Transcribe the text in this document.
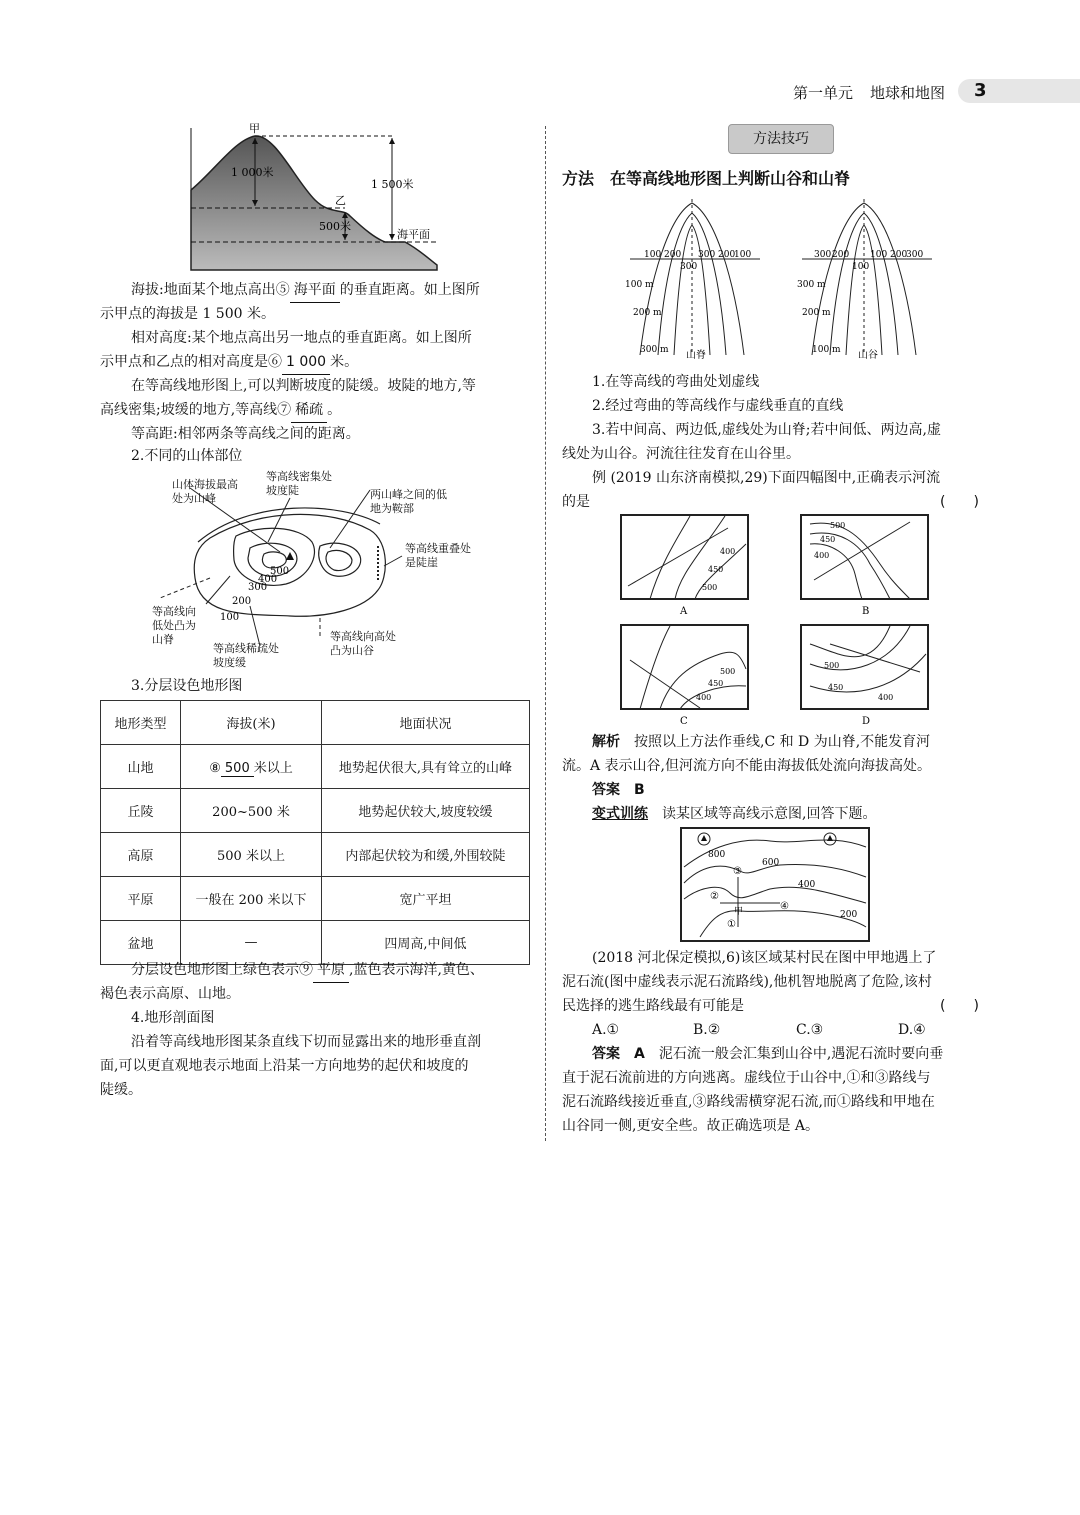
第一单元 地球和地图 3
甲
乙
1 000米
1 500米
500米
海平面
海拔:地面某个地点高出⑤ 海平面 的垂直距离。如上图所
示甲点的海拔是 1 500 米。
相对高度:某个地点高出另一地点的垂直距离。如上图所
示甲点和乙点的相对高度是⑥ 1 000 米。
在等高线地形图上,可以判断坡度的陡缓。坡陡的地方,等
高线密集;坡缓的地方,等高线⑦ 稀疏 。
等高距:相邻两条等高线之间的距离。
2.不同的山体部位
500
400
300
200
100
山体海拔最高
处为山峰
等高线密集处
坡度陡	两山峰之间的低
地为鞍部
等高线重叠处
是陡崖
等高线向
低处凸为
山脊
等高线稀疏处
坡度缓
等高线向高处
凸为山谷
3.分层设色地形图
地形类型	海拔(米)	地面状况
山地	⑧ 500 米以上	地势起伏很大,具有耸立的山峰
丘陵	200~500 米	地势起伏较大,坡度较缓
高原	500 米以上	内部起伏较为和缓,外围较陡
平原	一般在 200 米以下	宽广平坦
盆地	—	四周高,中间低
分层设色地形图上绿色表示⑨ 平原 ,蓝色表示海洋,黄色、
褐色表示高原、山地。
4.地形剖面图
沿着等高线地形图某条直线下切而显露出来的地形垂直剖
面,可以更直观地表示地面上沿某一方向地势的起伏和坡度的
陡缓。
方法技巧
方法　在等高线地形图上判断山谷和山脊
100 200
300
300 200
100
100 m
200 m
300 m 山脊
300 200
100
100 200
300
300 m
200 m
100 m 山谷
1.在等高线的弯曲处划虚线
2.经过弯曲的等高线作与虚线垂直的直线
3.若中间高、两边低,虚线处为山脊;若中间低、两边高,虚
线处为山谷。河流往往发育在山谷里。
例 (2019 山东济南模拟,29)下面四幅图中,正确表示河流
的是	(　　)
400
450
500
A
500
450
400
B
500
450
400
C
500
450
400
D
解析　 按照以上方法作垂线,C 和 D 为山脊,不能发育河
流。A 表示山谷,但河流方向不能由海拔低处流向海拔高处。
答案　 B
变式训练　 读某区域等高线示意图,回答下题。
800
600
400
200
③
②
①
④
甲
(2018 河北保定模拟,6)该区域某村民在图中甲地遇上了
泥石流(图中虚线表示泥石流路线),他机智地脱离了危险,该村
民选择的逃生路线最有可能是	(　　)
A.①	B.②	C.③	D.④
答案　 A　 泥石流一般会汇集到山谷中,遇泥石流时要向垂
直于泥石流前进的方向逃离。虚线位于山谷中,①和③路线与
泥石流路线接近垂直,③路线需横穿泥石流,而①路线和甲地在
山谷同一侧,更安全些。故正确选项是 A。
